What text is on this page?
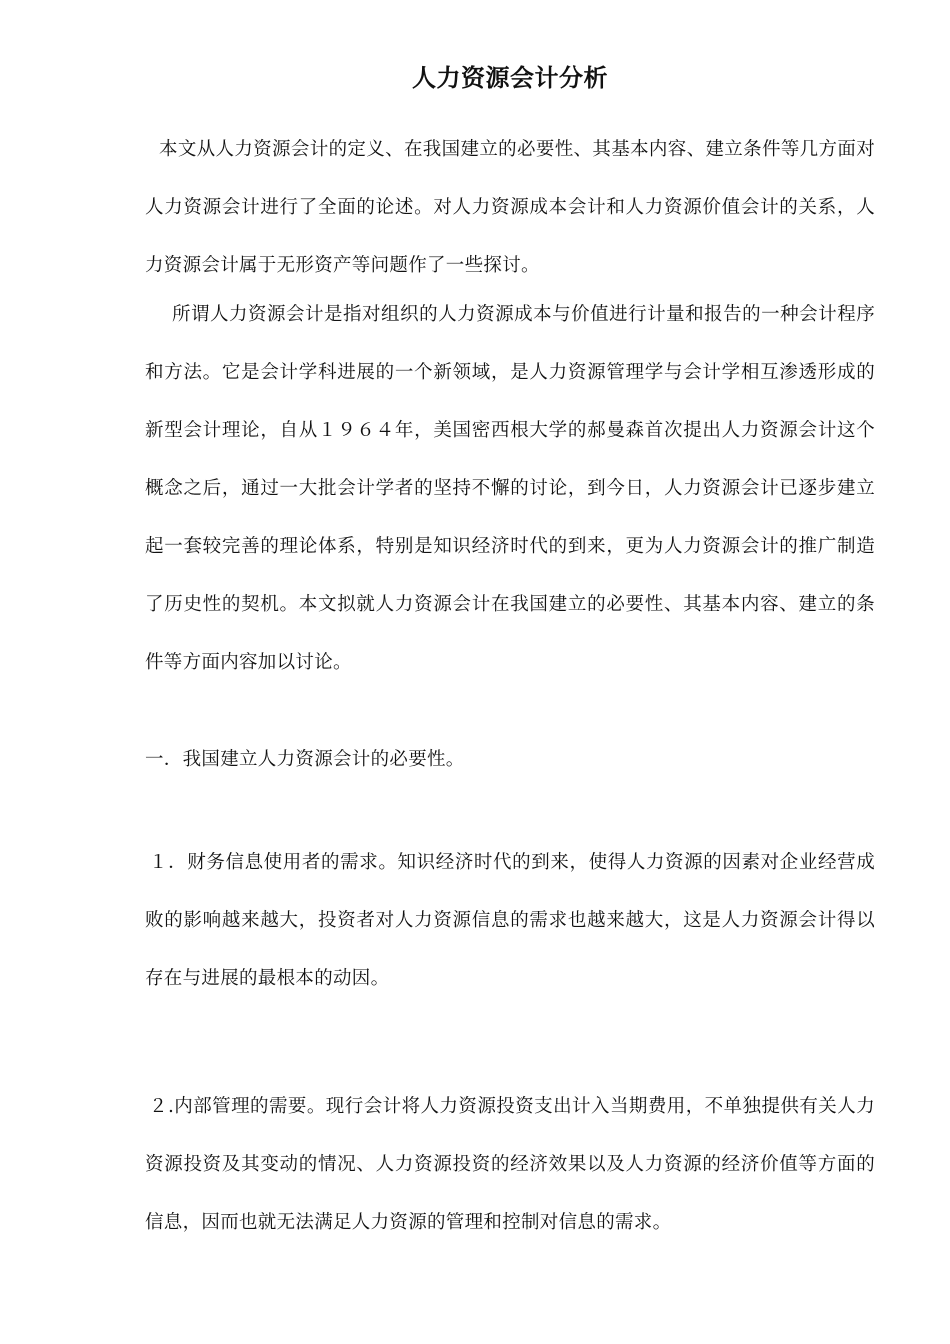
人力资源会计分析

本文从人力资源会计的定义、在我国建立的必要性、其基本内容、建立条件等几方面对人力资源会计进行了全面的论述。对人力资源成本会计和人力资源价值会计的关系，人力资源会计属于无形资产等问题作了一些探讨。

所谓人力资源会计是指对组织的人力资源成本与价值进行计量和报告的一种会计程序和方法。它是会计学科进展的一个新领域，是人力资源管理学与会计学相互渗透形成的新型会计理论，自从１９６４年，美国密西根大学的郝曼森首次提出人力资源会计这个概念之后，通过一大批会计学者的坚持不懈的讨论，到今日，人力资源会计已逐步建立起一套较完善的理论体系，特别是知识经济时代的到来，更为人力资源会计的推广制造了历史性的契机。本文拟就人力资源会计在我国建立的必要性、其基本内容、建立的条件等方面内容加以讨论。

一．我国建立人力资源会计的必要性。

１．财务信息使用者的需求。知识经济时代的到来，使得人力资源的因素对企业经营成败的影响越来越大，投资者对人力资源信息的需求也越来越大，这是人力资源会计得以存在与进展的最根本的动因。

２.内部管理的需要。现行会计将人力资源投资支出计入当期费用，不单独提供有关人力资源投资及其变动的情况、人力资源投资的经济效果以及人力资源的经济价值等方面的信息，因而也就无法满足人力资源的管理和控制对信息的需求。
